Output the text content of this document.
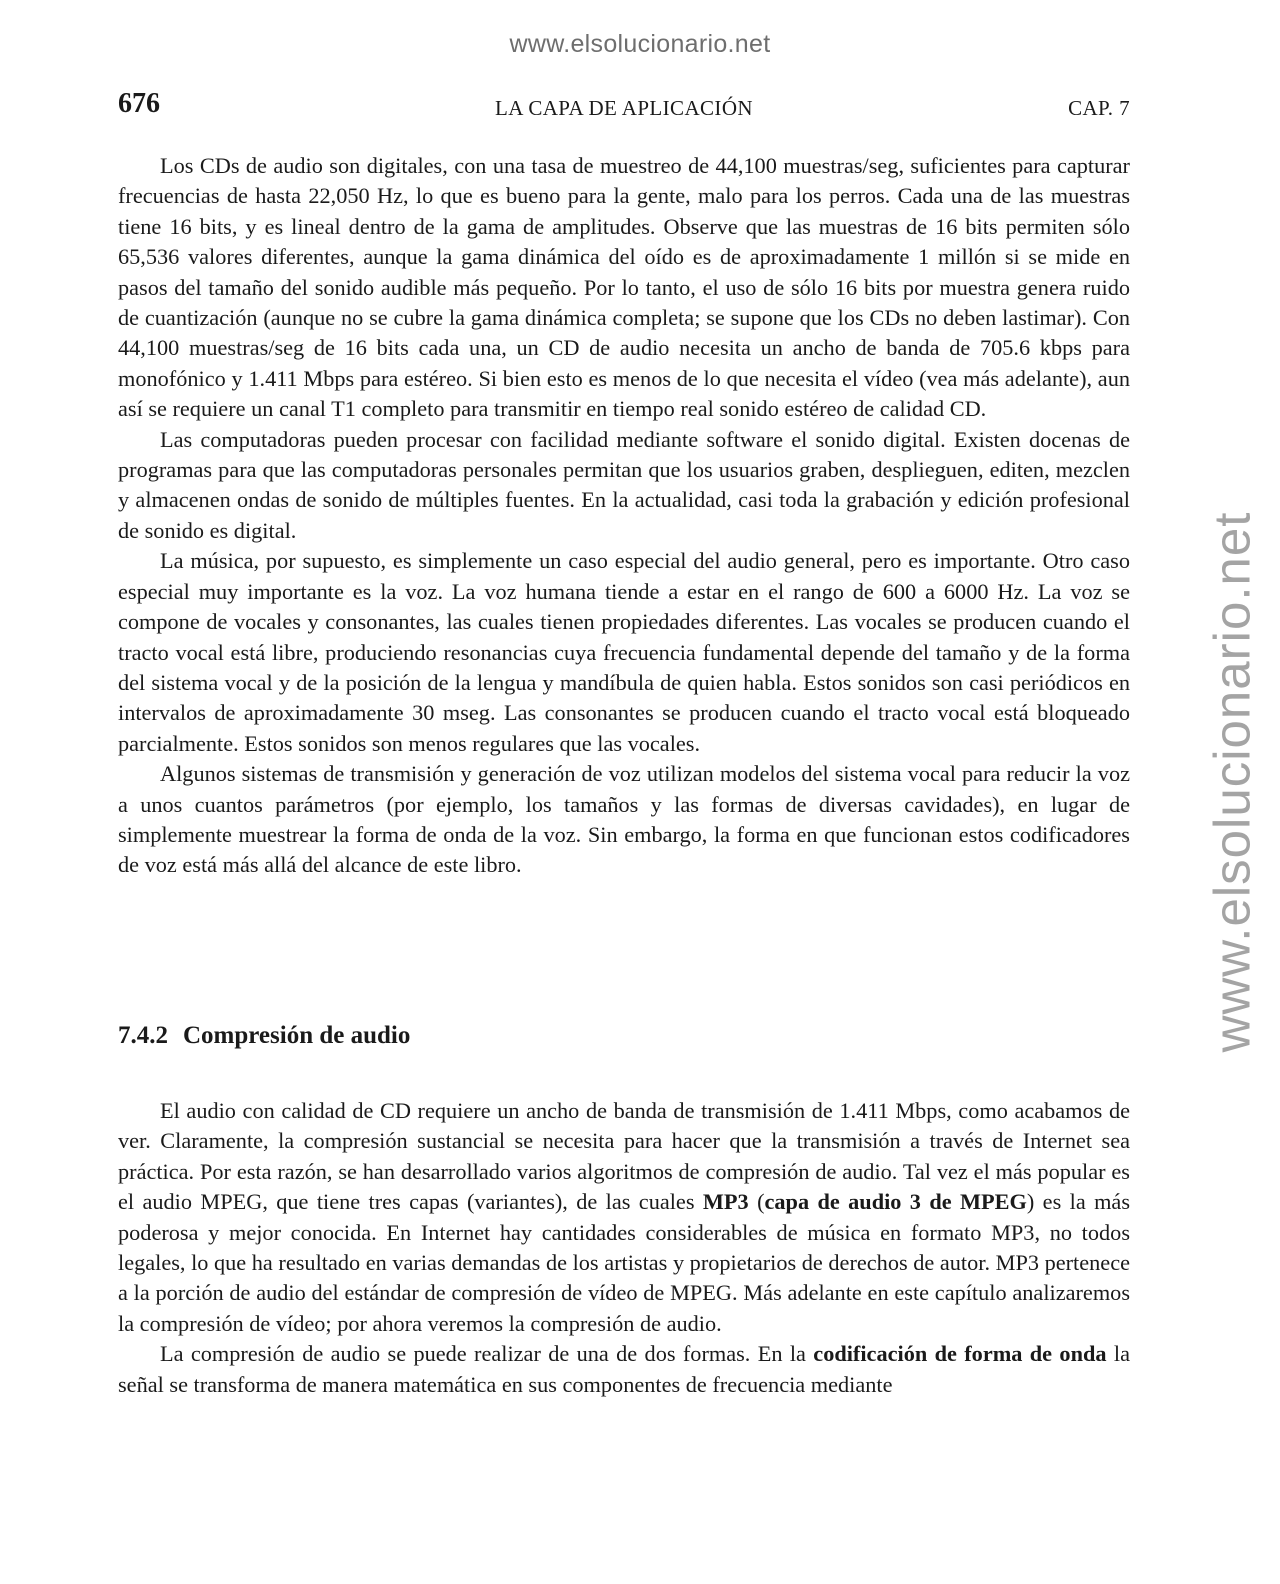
www.elsolucionario.net
www.elsolucionario.net
676	LA CAPA DE APLICACIÓN	CAP. 7

Los CDs de audio son digitales, con una tasa de muestreo de 44,100 muestras/seg, suficientes para capturar frecuencias de hasta 22,050 Hz, lo que es bueno para la gente, malo para los perros. Cada una de las muestras tiene 16 bits, y es lineal dentro de la gama de amplitudes. Observe que las muestras de 16 bits permiten sólo 65,536 valores diferentes, aunque la gama dinámica del oído es de aproximadamente 1 millón si se mide en pasos del tamaño del sonido audible más pequeño. Por lo tanto, el uso de sólo 16 bits por muestra genera ruido de cuantización (aunque no se cubre la gama dinámica completa; se supone que los CDs no deben lastimar). Con 44,100 muestras/seg de 16 bits cada una, un CD de audio necesita un ancho de banda de 705.6 kbps para monofónico y 1.411 Mbps para estéreo. Si bien esto es menos de lo que necesita el vídeo (vea más adelante), aun así se requiere un canal T1 completo para transmitir en tiempo real sonido estéreo de calidad CD.

Las computadoras pueden procesar con facilidad mediante software el sonido digital. Existen docenas de programas para que las computadoras personales permitan que los usuarios graben, desplieguen, editen, mezclen y almacenen ondas de sonido de múltiples fuentes. En la actualidad, casi toda la grabación y edición profesional de sonido es digital.

La música, por supuesto, es simplemente un caso especial del audio general, pero es importante. Otro caso especial muy importante es la voz. La voz humana tiende a estar en el rango de 600 a 6000 Hz. La voz se compone de vocales y consonantes, las cuales tienen propiedades diferentes. Las vocales se producen cuando el tracto vocal está libre, produciendo resonancias cuya frecuencia fundamental depende del tamaño y de la forma del sistema vocal y de la posición de la lengua y mandíbula de quien habla. Estos sonidos son casi periódicos en intervalos de aproximadamente 30 mseg. Las consonantes se producen cuando el tracto vocal está bloqueado parcialmente. Estos sonidos son menos regulares que las vocales.

Algunos sistemas de transmisión y generación de voz utilizan modelos del sistema vocal para reducir la voz a unos cuantos parámetros (por ejemplo, los tamaños y las formas de diversas cavidades), en lugar de simplemente muestrear la forma de onda de la voz. Sin embargo, la forma en que funcionan estos codificadores de voz está más allá del alcance de este libro.

7.4.2 Compresión de audio

El audio con calidad de CD requiere un ancho de banda de transmisión de 1.411 Mbps, como acabamos de ver. Claramente, la compresión sustancial se necesita para hacer que la transmisión a través de Internet sea práctica. Por esta razón, se han desarrollado varios algoritmos de compresión de audio. Tal vez el más popular es el audio MPEG, que tiene tres capas (variantes), de las cuales MP3 (capa de audio 3 de MPEG) es la más poderosa y mejor conocida. En Internet hay cantidades considerables de música en formato MP3, no todos legales, lo que ha resultado en varias demandas de los artistas y propietarios de derechos de autor. MP3 pertenece a la porción de audio del estándar de compresión de vídeo de MPEG. Más adelante en este capítulo analizaremos la compresión de vídeo; por ahora veremos la compresión de audio.

La compresión de audio se puede realizar de una de dos formas. En la codificación de forma de onda la señal se transforma de manera matemática en sus componentes de frecuencia mediante
